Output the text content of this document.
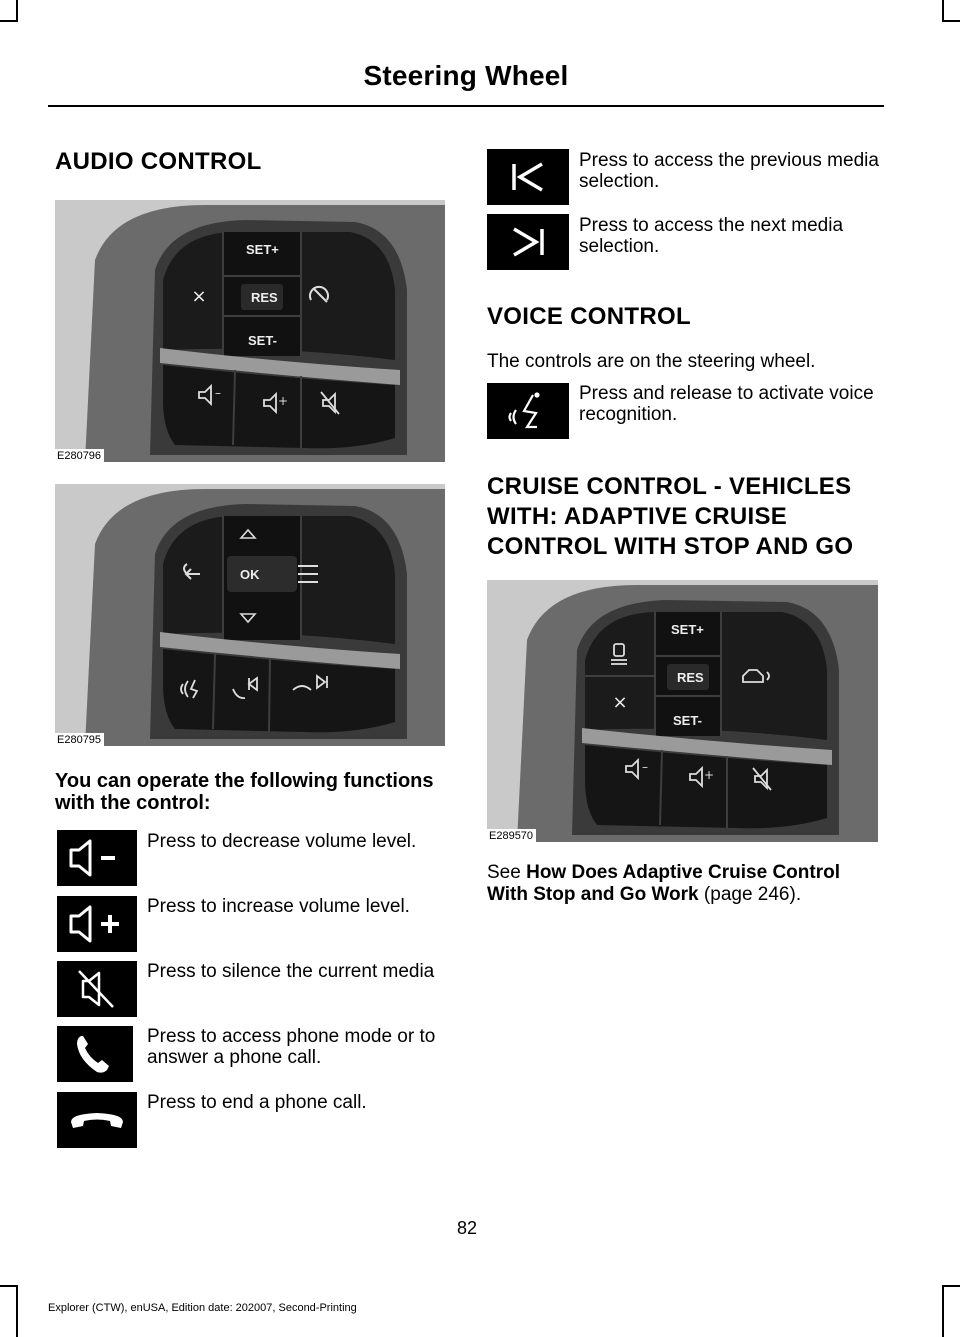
Steering Wheel
AUDIO CONTROL
×
–
+
SET+
RES
SET-
E280796
OK
E280795
You can operate the following functions with the control:
Press to decrease volume level.
Press to increase volume level.
Press to silence the current media
Press to access phone mode or to answer a phone call.
Press to end a phone call.
Press to access the previous media selection.
Press to access the next media selection.
VOICE CONTROL
The controls are on the steering wheel.
Press and release to activate voice recognition.
CRUISE CONTROL - VEHICLES
WITH: ADAPTIVE CRUISE
CONTROL WITH STOP AND GO
×
–
+
SET+
RES
SET-
E289570
See How Does Adaptive Cruise Control With Stop and Go Work (page 246).
82
Explorer (CTW), enUSA, Edition date: 202007, Second-Printing
